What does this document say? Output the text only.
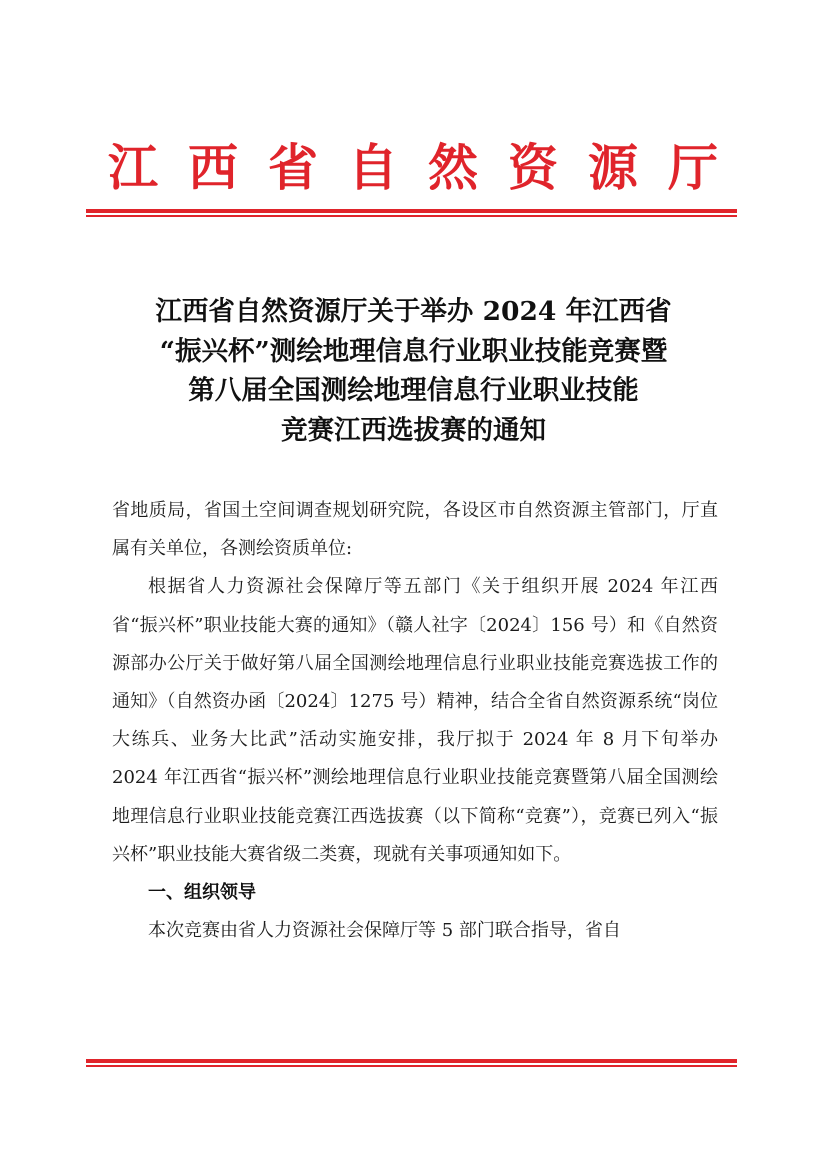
江 西 省 自 然 资 源 厅
江西省自然资源厅关于举办 2024 年江西省
“振兴杯”测绘地理信息行业职业技能竞赛暨
第八届全国测绘地理信息行业职业技能
竞赛江西选拔赛的通知

省地质局，省国土空间调查规划研究院，各设区市自然资源主管部门，厅直属有关单位，各测绘资质单位:

根据省人力资源社会保障厅等五部门《关于组织开展 2024 年江西省“振兴杯”职业技能大赛的通知》（赣人社字〔2024〕156 号）和《自然资源部办公厅关于做好第八届全国测绘地理信息行业职业技能竞赛选拔工作的通知》（自然资办函〔2024〕1275 号）精神，结合全省自然资源系统“岗位大练兵、业务大比武”活动实施安排，我厅拟于 2024 年 8 月下旬举办 2024 年江西省“振兴杯”测绘地理信息行业职业技能竞赛暨第八届全国测绘地理信息行业职业技能竞赛江西选拔赛（以下简称“竞赛”），竞赛已列入“振兴杯”职业技能大赛省级二类赛，现就有关事项通知如下。

一、组织领导

本次竞赛由省人力资源社会保障厅等 5 部门联合指导，省自
